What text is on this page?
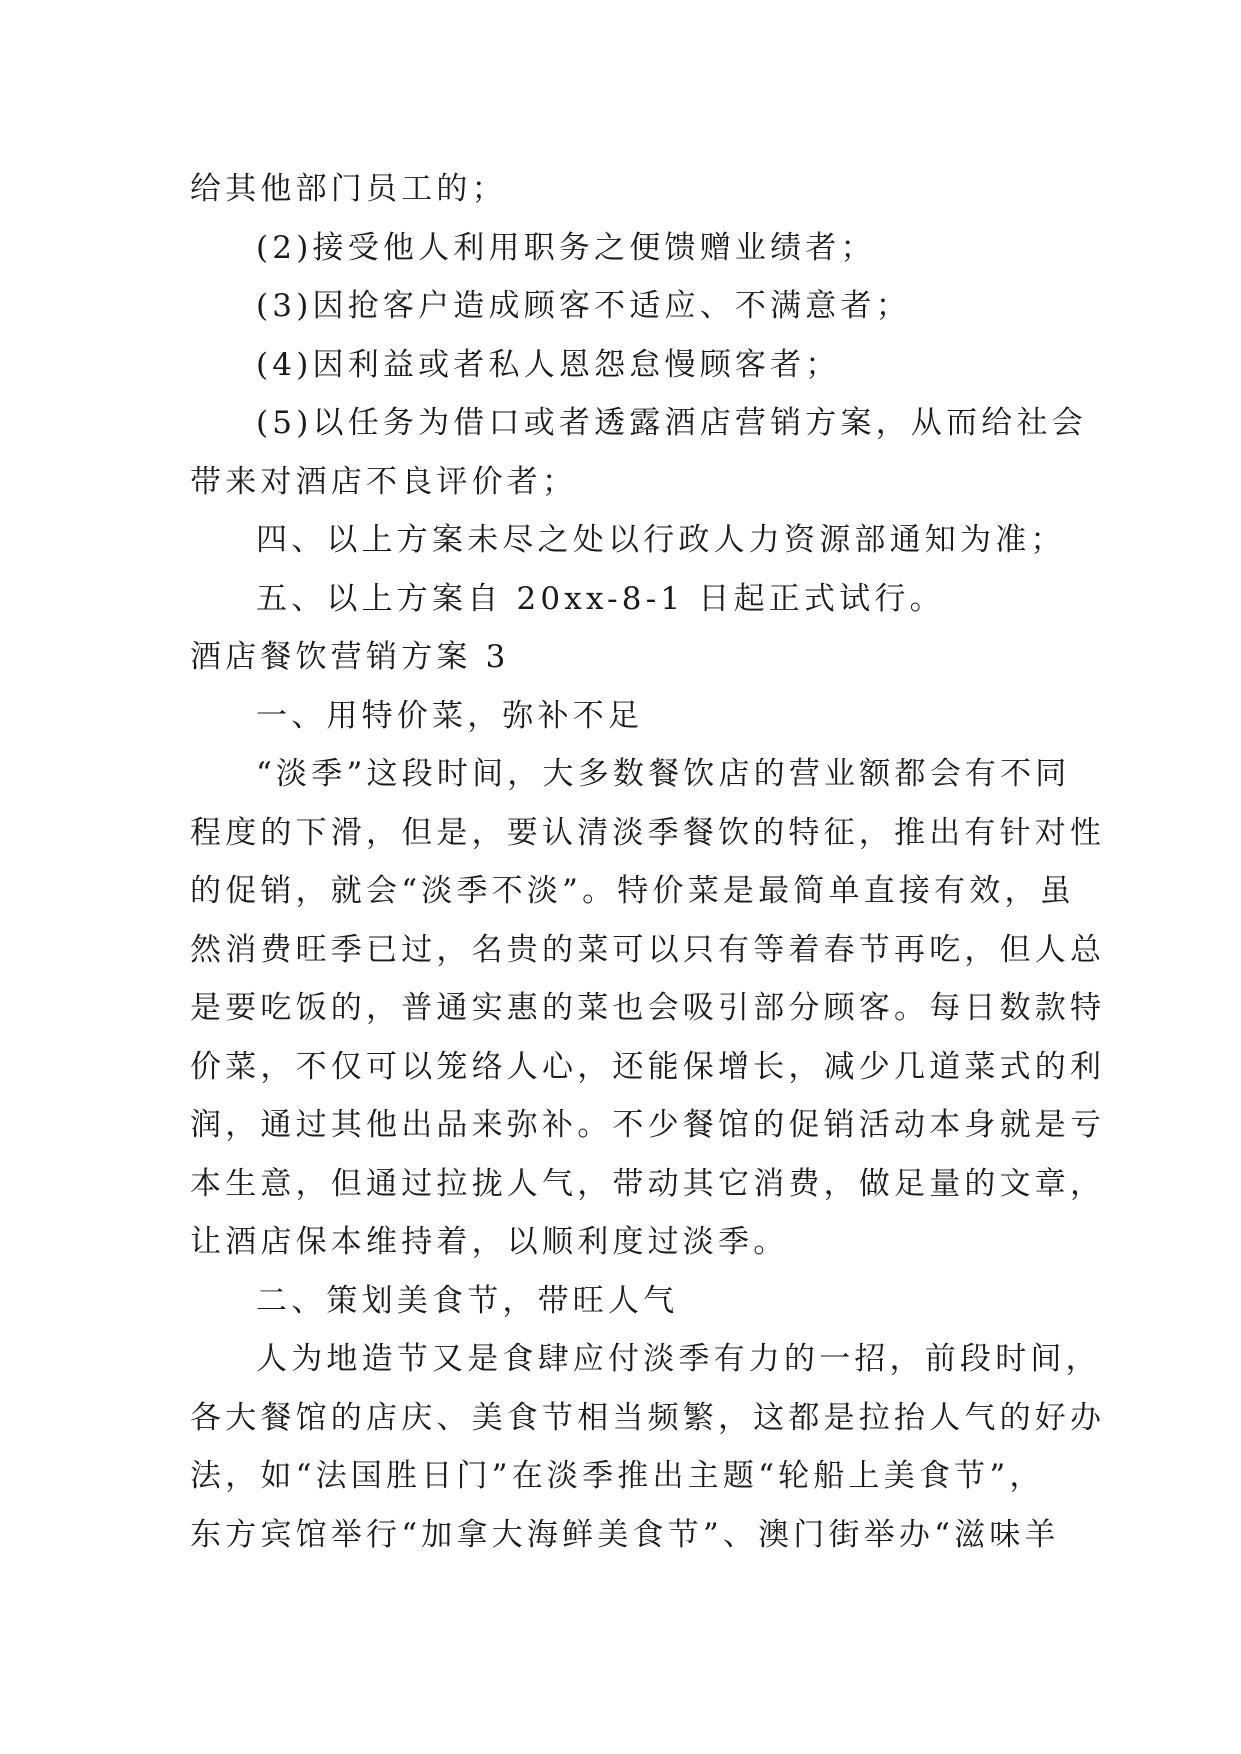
给其他部门员工的；
(2)接受他人利用职务之便馈赠业绩者；
(3)因抢客户造成顾客不适应、不满意者；
(4)因利益或者私人恩怨怠慢顾客者；
(5)以任务为借口或者透露酒店营销方案，从而给社会
带来对酒店不良评价者；
四、以上方案未尽之处以行政人力资源部通知为准；
五、以上方案自 20xx-8-1 日起正式试行。
酒店餐饮营销方案 3
一、用特价菜，弥补不足
“淡季”这段时间，大多数餐饮店的营业额都会有不同
程度的下滑，但是，要认清淡季餐饮的特征，推出有针对性
的促销，就会“淡季不淡”。特价菜是最简单直接有效，虽
然消费旺季已过，名贵的菜可以只有等着春节再吃，但人总
是要吃饭的，普通实惠的菜也会吸引部分顾客。每日数款特
价菜，不仅可以笼络人心，还能保增长，减少几道菜式的利
润，通过其他出品来弥补。不少餐馆的促销活动本身就是亏
本生意，但通过拉拢人气，带动其它消费，做足量的文章，
让酒店保本维持着，以顺利度过淡季。
二、策划美食节，带旺人气
人为地造节又是食肆应付淡季有力的一招，前段时间，
各大餐馆的店庆、美食节相当频繁，这都是拉抬人气的好办
法，如“法国胜日门”在淡季推出主题“轮船上美食节”，
东方宾馆举行“加拿大海鲜美食节”、澳门街举办“滋味羊
